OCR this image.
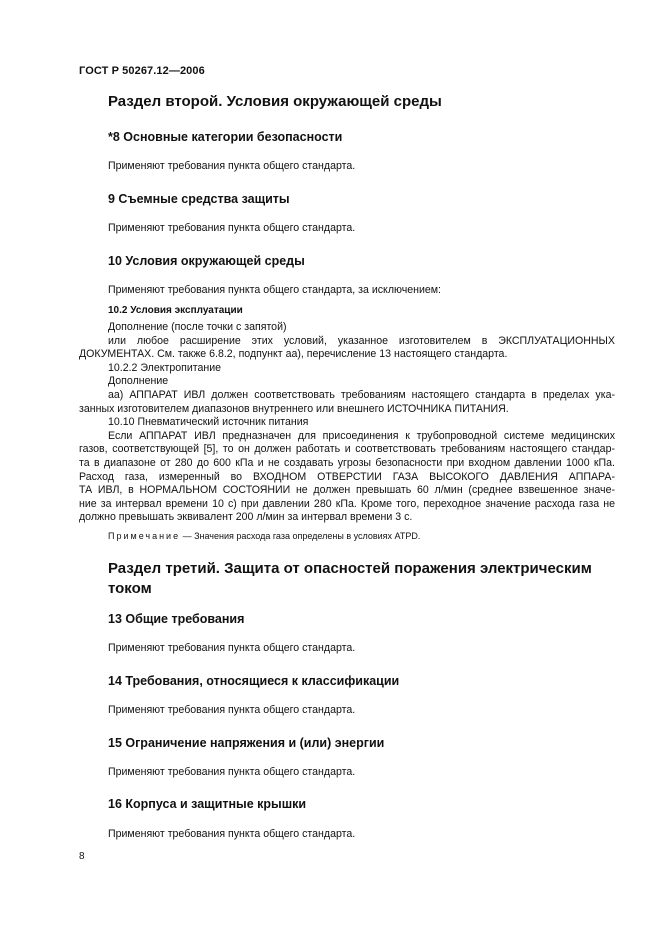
ГОСТ Р 50267.12—2006
Раздел второй. Условия окружающей среды
*8 Основные категории безопасности
Применяют требования пункта общего стандарта.
9 Съемные средства защиты
Применяют требования пункта общего стандарта.
10 Условия окружающей среды
Применяют требования пункта общего стандарта, за исключением:
10.2 Условия эксплуатации
Дополнение (после точки с запятой)
или любое расширение этих условий, указанное изготовителем в ЭКСПЛУАТАЦИОННЫХ
ДОКУМЕНТАХ. См. также 6.8.2, подпункт аа), перечисление 13 настоящего стандарта.
10.2.2 Электропитание
Дополнение
аа) АППАРАТ ИВЛ должен соответствовать требованиям настоящего стандарта в пределах ука-
занных изготовителем диапазонов внутреннего или внешнего ИСТОЧНИКА ПИТАНИЯ.
10.10 Пневматический источник питания
Если АППАРАТ ИВЛ предназначен для присоединения к трубопроводной системе медицинских
газов, соответствующей [5], то он должен работать и соответствовать требованиям настоящего стандар-
та в диапазоне от 280 до 600 кПа и не создавать угрозы безопасности при входном давлении 1000 кПа.
Расход газа, измеренный во ВХОДНОМ ОТВЕРСТИИ ГАЗА ВЫСОКОГО ДАВЛЕНИЯ АППАРА-
ТА ИВЛ, в НОРМАЛЬНОМ СОСТОЯНИИ не должен превышать 60 л/мин (среднее взвешенное значе-
ние за интервал времени 10 с) при давлении 280 кПа. Кроме того, переходное значение расхода газа не
должно превышать эквивалент 200 л/мин за интервал времени 3 с.
Примечание — Значения расхода газа определены в условиях АТРD.
Раздел третий. Защита от опасностей поражения электрическим током
13 Общие требования
Применяют требования пункта общего стандарта.
14 Требования, относящиеся к классификации
Применяют требования пункта общего стандарта.
15 Ограничение напряжения и (или) энергии
Применяют требования пункта общего стандарта.
16 Корпуса и защитные крышки
Применяют требования пункта общего стандарта.
8
